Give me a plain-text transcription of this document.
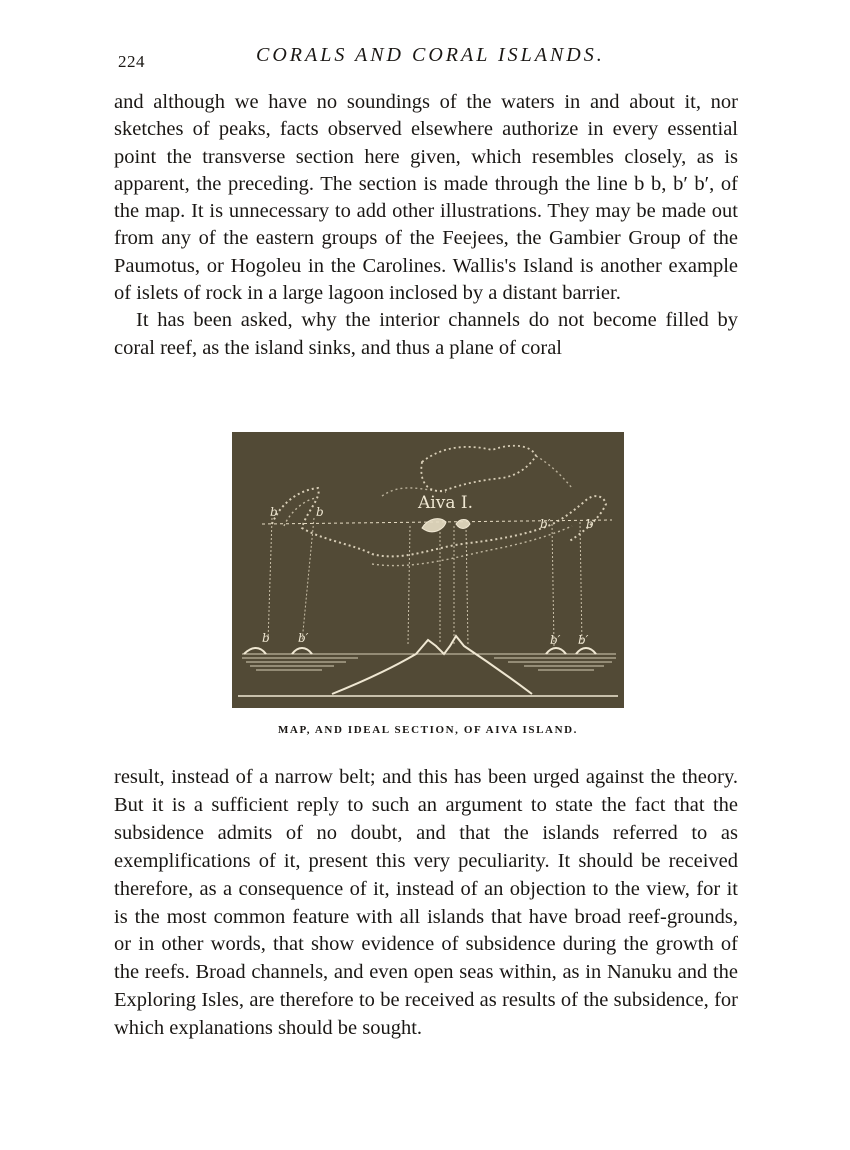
224	CORALS AND CORAL ISLANDS.

and although we have no soundings of the waters in and about it, nor sketches of peaks, facts observed elsewhere authorize in every essential point the transverse section here given, which resembles closely, as is apparent, the preceding. The section is made through the line b b, b′ b′, of the map. It is unnecessary to add other illustrations. They may be made out from any of the eastern groups of the Feejees, the Gambier Group of the Paumotus, or Hogoleu in the Carolines. Wallis's Island is another example of islets of rock in a large lagoon inclosed by a distant barrier.

It has been asked, why the interior channels do not become filled by coral reef, as the island sinks, and thus a plane of coral

Aiva I.
b	b
b′	b′
b b′	b′ b′
MAP, AND IDEAL SECTION, OF AIVA ISLAND.

result, instead of a narrow belt; and this has been urged against the theory. But it is a sufficient reply to such an argument to state the fact that the subsidence admits of no doubt, and that the islands referred to as exemplifications of it, present this very peculiarity. It should be received therefore, as a consequence of it, instead of an objection to the view, for it is the most common feature with all islands that have broad reef-grounds, or in other words, that show evidence of subsidence during the growth of the reefs. Broad channels, and even open seas within, as in Nanuku and the Exploring Isles, are therefore to be received as results of the subsidence, for which explanations should be sought.
